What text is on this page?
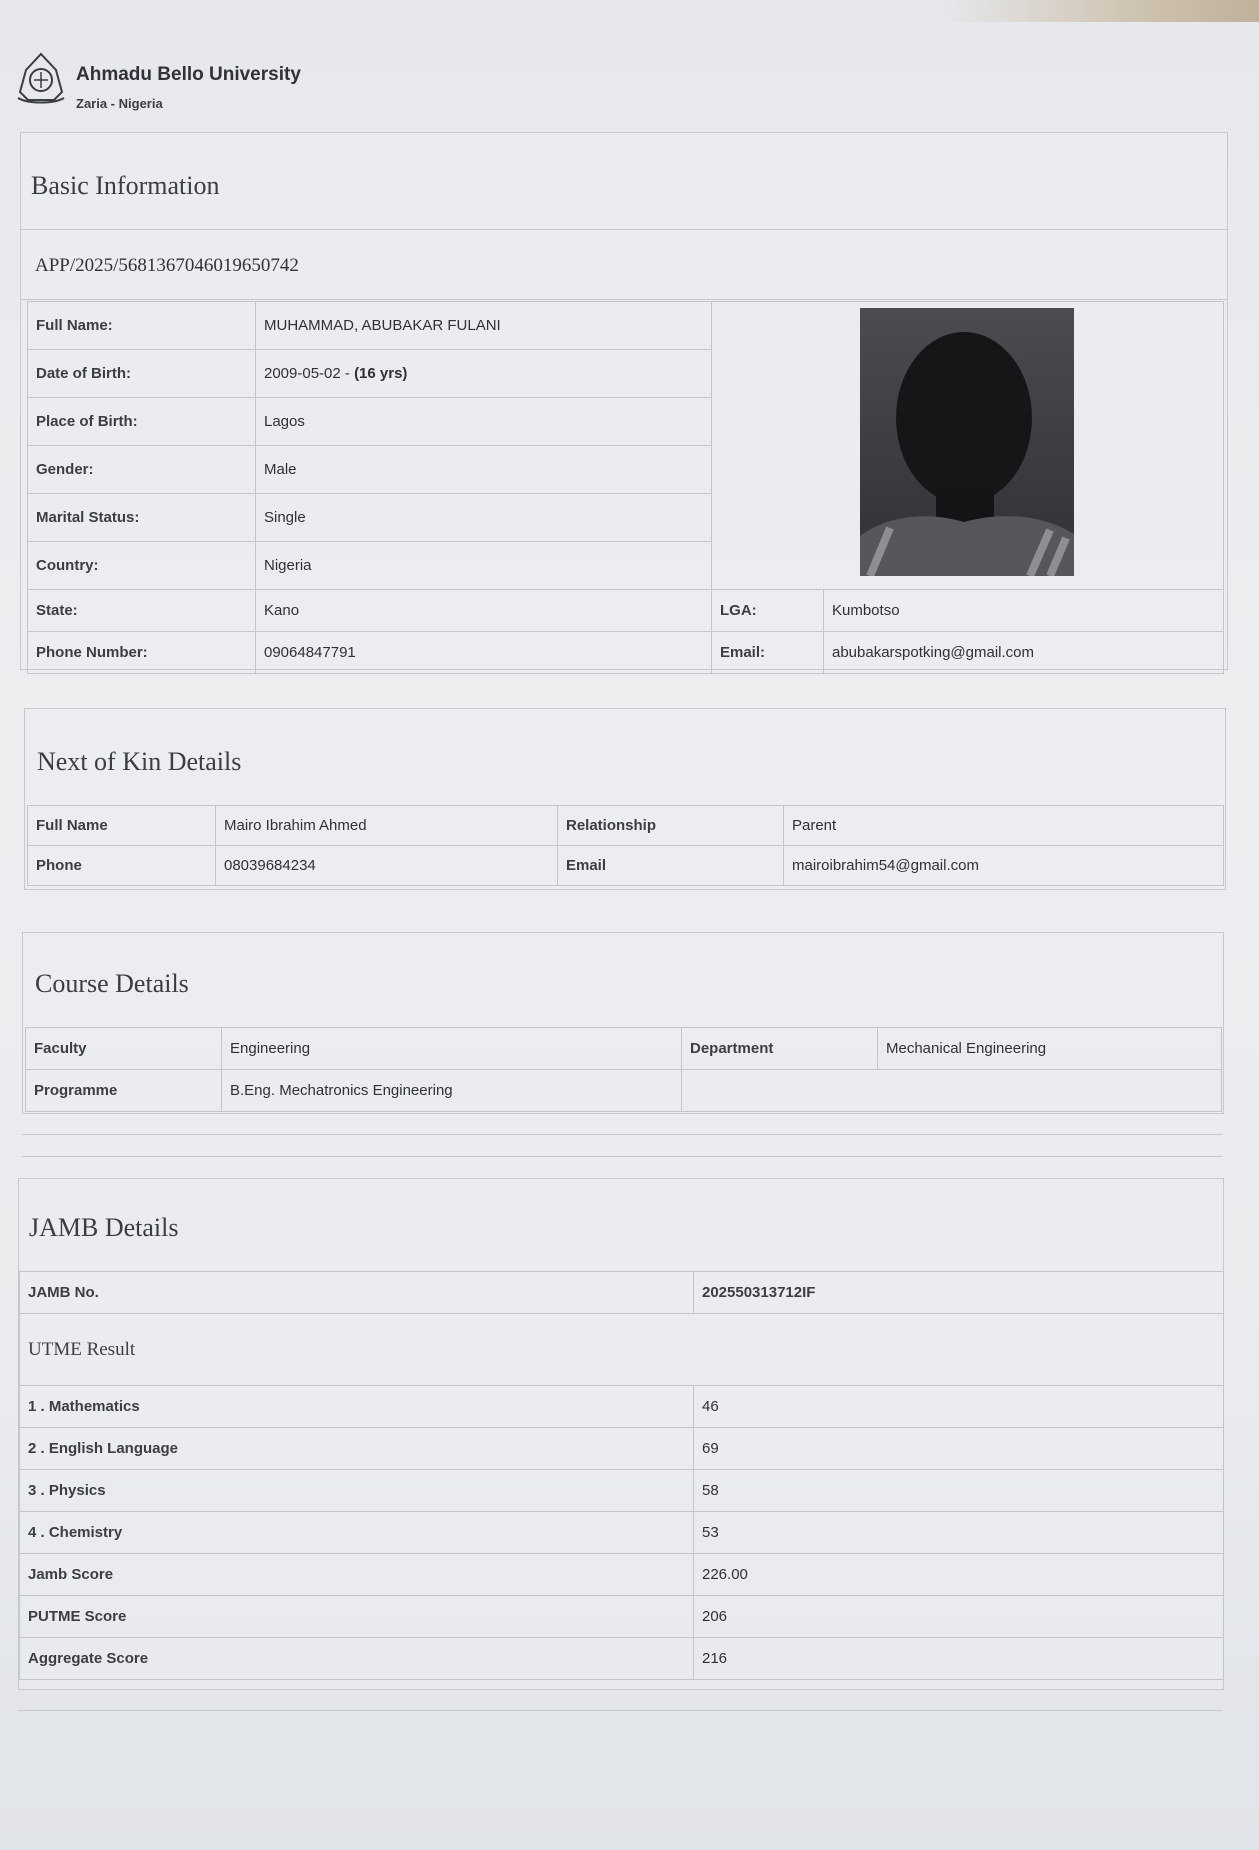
Ahmadu Bello University
Zaria - Nigeria
Basic Information
APP/2025/5681367046019650742
Full Name:	MUHAMMAD, ABUBAKAR FULANI	

Date of Birth:	2009-05-02 - (16 yrs)		
Place of Birth:	Lagos		
Gender:	Male		
Marital Status:	Single		
Country:	Nigeria		
State:	Kano	LGA:	Kumbotso
Phone Number:	09064847791	Email:	abubakarspotking@gmail.com
Next of Kin Details
Full Name	Mairo Ibrahim Ahmed	Relationship	Parent
Phone	08039684234	Email	mairoibrahim54@gmail.com
Course Details
Faculty	Engineering	Department	Mechanical Engineering
Programme	B.Eng. Mechatronics Engineering		
JAMB Details
JAMB No.	202550313712IF
UTME Result	
1 . Mathematics	46
2 . English Language	69
3 . Physics	58
4 . Chemistry	53
Jamb Score	226.00
PUTME Score	206
Aggregate Score	216
